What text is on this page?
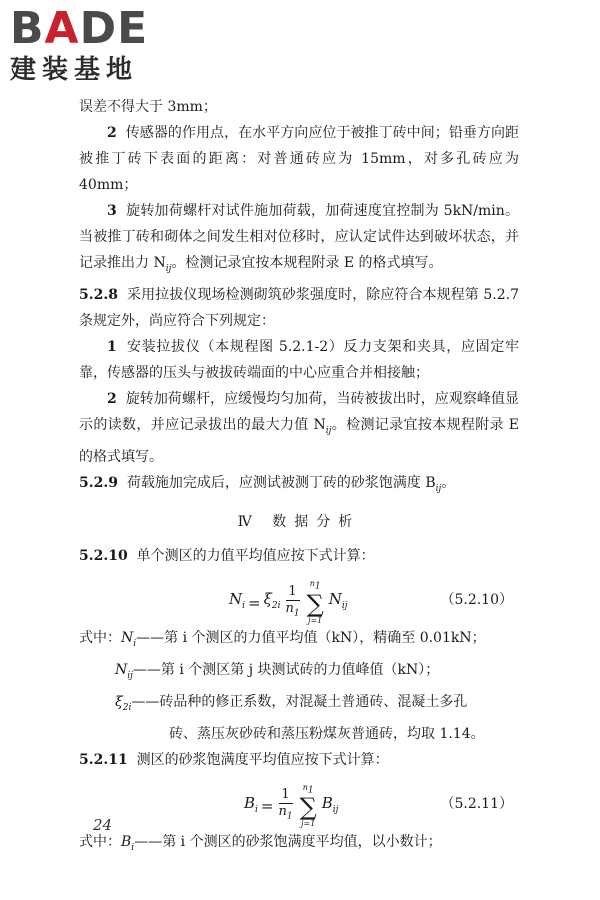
BADE
建装基地

误差不得大于 3mm；

2 传感器的作用点，在水平方向应位于被推丁砖中间；铅垂方向距被推丁砖下表面的距离：对普通砖应为 15mm，对多孔砖应为 40mm；

3 旋转加荷螺杆对试件施加荷载，加荷速度宜控制为 5kN/min。当被推丁砖和砌体之间发生相对位移时，应认定试件达到破坏状态，并记录推出力 $N_{ij}$。检测记录宜按本规程附录 E 的格式填写。

5.2.8 采用拉拔仪现场检测砌筑砂浆强度时，除应符合本规程第 5.2.7 条规定外，尚应符合下列规定：

1 安装拉拔仪（本规程图 5.2.1-2）反力支架和夹具，应固定牢靠，传感器的压头与被拔砖端面的中心应重合并相接触；

2 旋转加荷螺杆，应缓慢均匀加荷，当砖被拔出时，应观察峰值显示的读数，并应记录拔出的最大力值 $N_{ij}$。检测记录宜按本规程附录 E 的格式填写。

5.2.9 荷载施加完成后，应测试被测丁砖的砂浆饱满度 $B_{ij}$。

Ⅳ 数据分析

5.2.10 单个测区的力值平均值应按下式计算：

$N_i = \xi_{2i} \frac{1}{n_1}$
$n_1$
∑
j=1
$N_{ij}$	（5.2.10）

式中：$N_i——$第 i 个测区的力值平均值（kN），精确至 0.01kN；

$N_{ij}——$第 i 个测区第 j 块测试砖的力值峰值（kN）；

$\xi_{2i}——$砖品种的修正系数，对混凝土普通砖、混凝土多孔

砖、蒸压灰砂砖和蒸压粉煤灰普通砖，均取 1.14。

5.2.11 测区的砂浆饱满度平均值应按下式计算：

$B_i = \frac{1}{n_1}$
$n_1$
∑
j=1
$B_{ij}$	（5.2.11）

式中：$B_i——$第 i 个测区的砂浆饱满度平均值，以小数计；

24
